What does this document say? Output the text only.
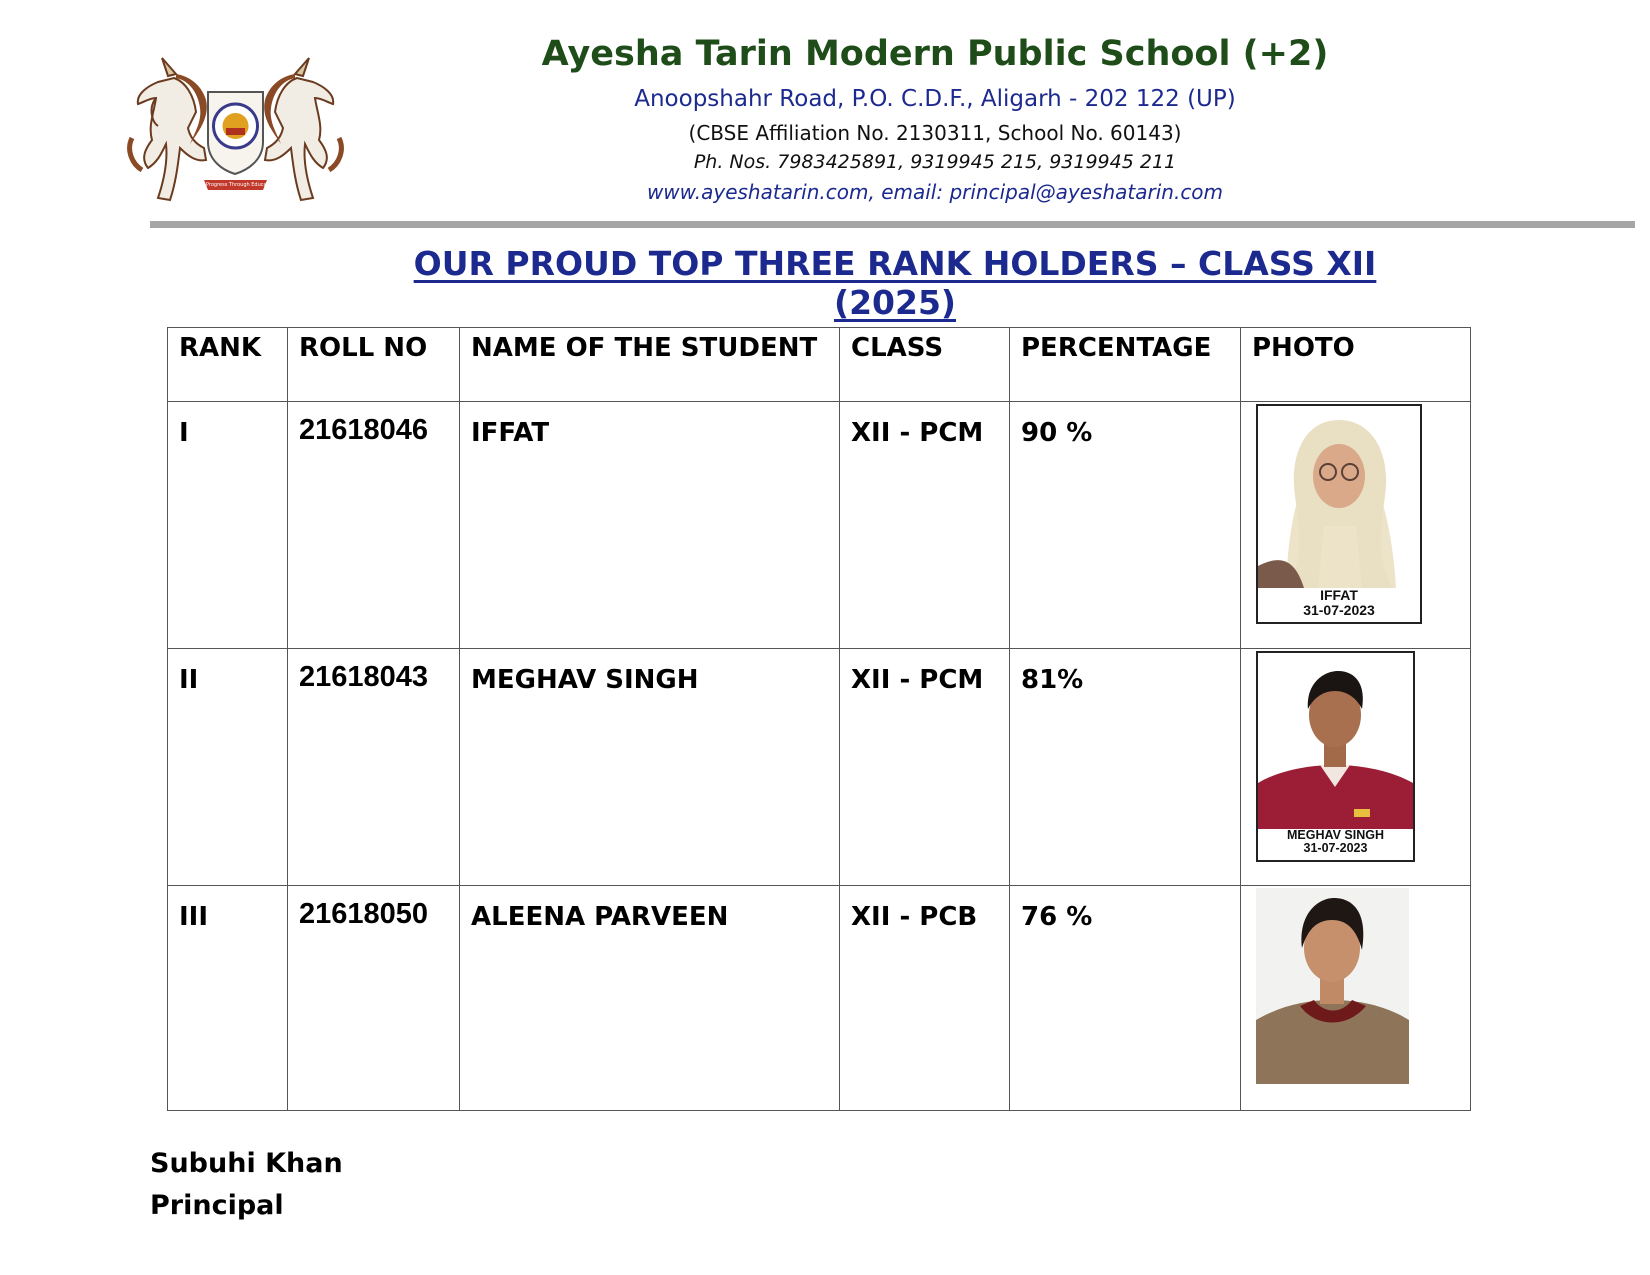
Progress Through Education
Ayesha Tarin Modern Public School (+2)
Anoopshahr Road, P.O. C.D.F., Aligarh - 202 122 (UP)
(CBSE Affiliation No. 2130311, School No. 60143)
Ph. Nos. 7983425891, 9319945 215, 9319945 211
www.ayeshatarin.com, email: principal@ayeshatarin.com
OUR PROUD TOP THREE RANK HOLDERS – CLASS XII (2025)
RANK	ROLL NO	NAME OF THE STUDENT	CLASS	PERCENTAGE	PHOTO

I	21618046	IFFAT	XII - PCM	90 %	IFFAT
31-07-2023

II	21618043	MEGHAV SINGH	XII - PCM	81%	MEGHAV SINGH
31-07-2023

III	21618050	ALEENA PARVEEN	XII - PCB	76 %

Subuhi Khan
Principal
